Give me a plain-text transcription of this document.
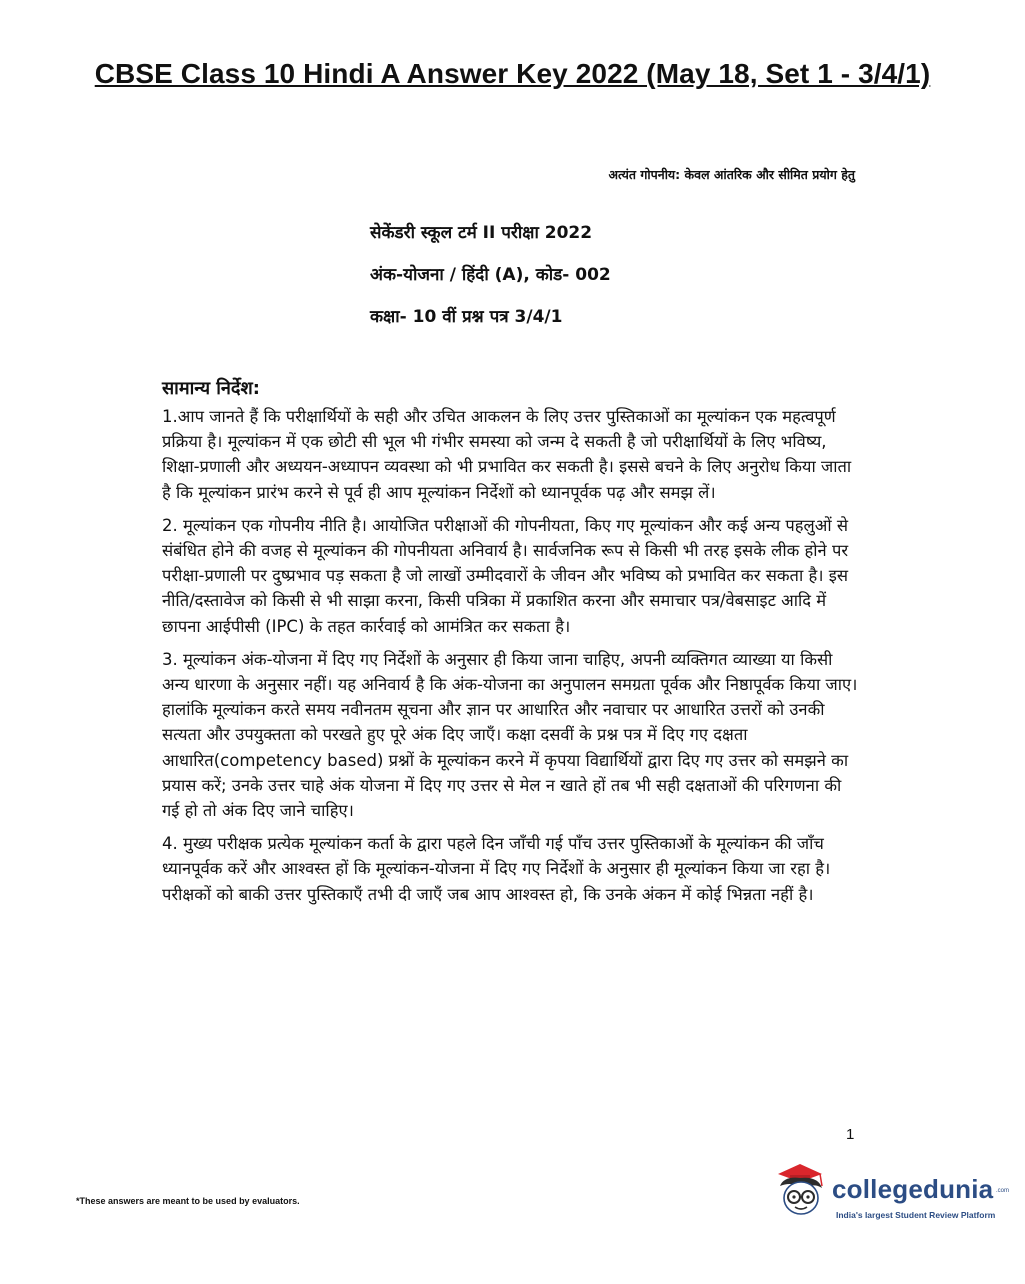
CBSE Class 10 Hindi A Answer Key 2022 (May 18, Set 1 - 3/4/1)
अत्यंत गोपनीय: केवल आंतरिक और सीमित प्रयोग हेतु
सेकेंडरी स्कूल टर्म II परीक्षा 2022
अंक-योजना / हिंदी (A), कोड- 002
कक्षा- 10 वीं प्रश्न पत्र 3/4/1
सामान्य निर्देश:

1.आप जानते हैं कि परीक्षार्थियों के सही और उचित आकलन के लिए उत्तर पुस्तिकाओं का मूल्यांकन एक महत्वपूर्ण प्रक्रिया है। मूल्यांकन में एक छोटी सी भूल भी गंभीर समस्या को जन्म दे सकती है जो परीक्षार्थियों के लिए भविष्य, शिक्षा-प्रणाली और अध्ययन-अध्यापन व्यवस्था को भी प्रभावित कर सकती है। इससे बचने के लिए अनुरोध किया जाता है कि मूल्यांकन प्रारंभ करने से पूर्व ही आप मूल्यांकन निर्देशों को ध्यानपूर्वक पढ़ और समझ लें।

2. मूल्यांकन एक गोपनीय नीति है। आयोजित परीक्षाओं की गोपनीयता, किए गए मूल्यांकन और कई अन्य पहलुओं से संबंधित होने की वजह से मूल्यांकन की गोपनीयता अनिवार्य है। सार्वजनिक रूप से किसी भी तरह इसके लीक होने पर परीक्षा-प्रणाली पर दुष्प्रभाव पड़ सकता है जो लाखों उम्मीदवारों के जीवन और भविष्य को प्रभावित कर सकता है। इस नीति/दस्तावेज को किसी से भी साझा करना, किसी पत्रिका में प्रकाशित करना और समाचार पत्र/वेबसाइट आदि में छापना आईपीसी (IPC) के तहत कार्रवाई को आमंत्रित कर सकता है।

3. मूल्यांकन अंक-योजना में दिए गए निर्देशों के अनुसार ही किया जाना चाहिए, अपनी व्यक्तिगत व्याख्या या किसी अन्य धारणा के अनुसार नहीं। यह अनिवार्य है कि अंक-योजना का अनुपालन समग्रता पूर्वक और निष्ठापूर्वक किया जाए। हालांकि मूल्यांकन करते समय नवीनतम सूचना और ज्ञान पर आधारित और नवाचार पर आधारित उत्तरों को उनकी सत्यता और उपयुक्तता को परखते हुए पूरे अंक दिए जाएँ। कक्षा दसवीं के प्रश्न पत्र में दिए गए दक्षता आधारित(competency based) प्रश्नों के मूल्यांकन करने में कृपया विद्यार्थियों द्वारा दिए गए उत्तर को समझने का प्रयास करें; उनके उत्तर चाहे अंक योजना में दिए गए उत्तर से मेल न खाते हों तब भी सही दक्षताओं की परिगणना की गई हो तो अंक दिए जाने चाहिए।

4. मुख्य परीक्षक प्रत्येक मूल्यांकन कर्ता के द्वारा पहले दिन जाँची गई पाँच उत्तर पुस्तिकाओं के मूल्यांकन की जाँच ध्यानपूर्वक करें और आश्वस्त हों कि मूल्यांकन-योजना में दिए गए निर्देशों के अनुसार ही मूल्यांकन किया जा रहा है। परीक्षकों को बाकी उत्तर पुस्तिकाएँ तभी दी जाएँ जब आप आश्वस्त हो, कि उनके अंकन में कोई भिन्नता नहीं है।

1
*These answers are meant to be used by evaluators.	collegedunia .com
India's largest Student Review Platform
